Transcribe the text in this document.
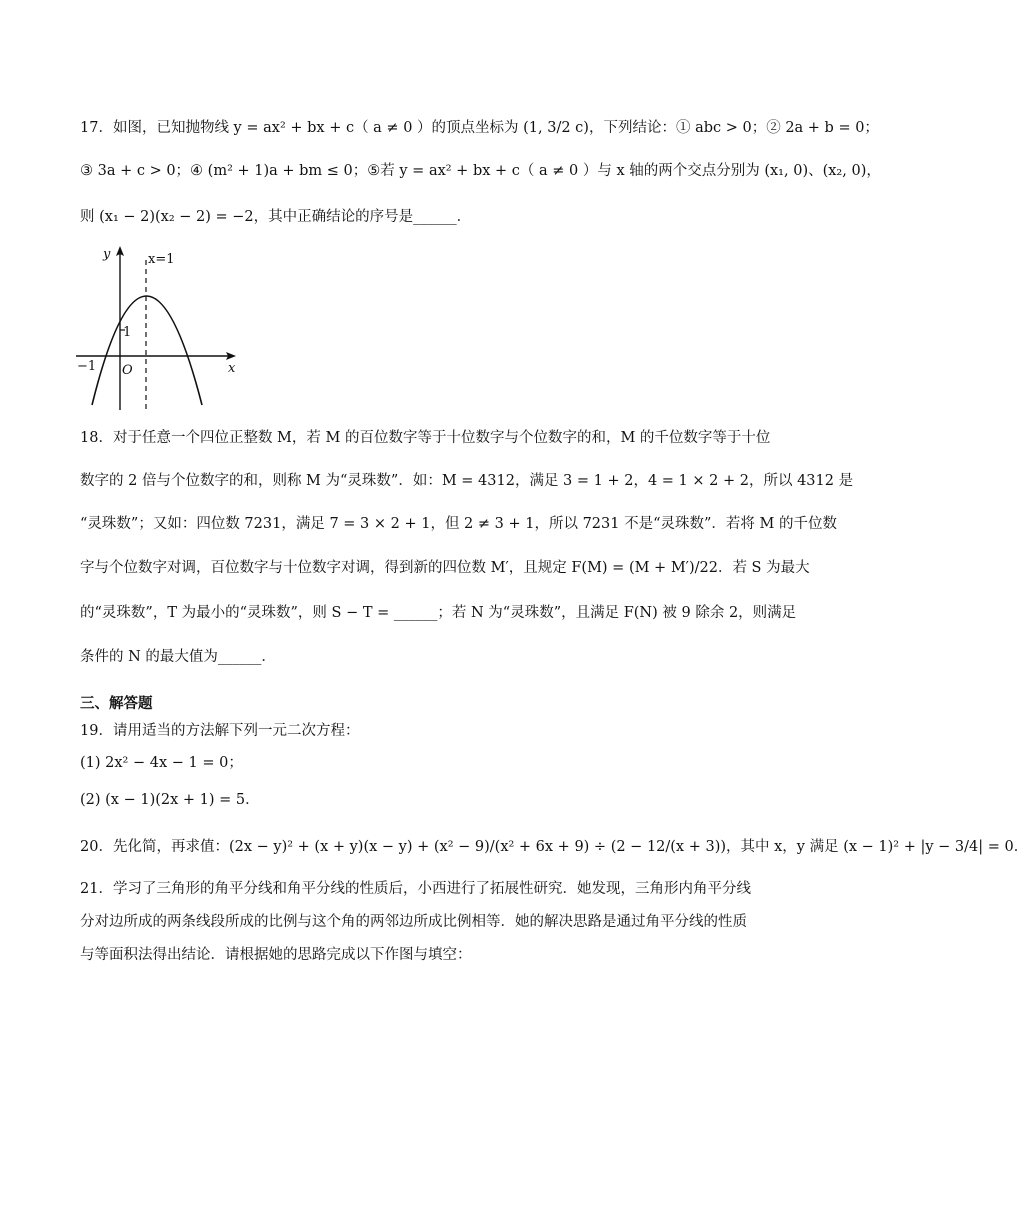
17．如图，已知抛物线 y = ax² + bx + c（ a ≠ 0 ）的顶点坐标为 (1, 3/2 c)，下列结论：① abc > 0；② 2a + b = 0；
③ 3a + c > 0；④ (m² + 1)a + bm ≤ 0；⑤若 y = ax² + bx + c（ a ≠ 0 ）与 x 轴的两个交点分别为 (x₁, 0)、(x₂, 0)，
则 (x₁ − 2)(x₂ − 2) = −2，其中正确结论的序号是______．
y
x
x=1
1
−1 O
18．对于任意一个四位正整数 M，若 M 的百位数字等于十位数字与个位数字的和，M 的千位数字等于十位
数字的 2 倍与个位数字的和，则称 M 为“灵珠数”．如：M = 4312，满足 3 = 1 + 2，4 = 1 × 2 + 2，所以 4312 是
“灵珠数”；又如：四位数 7231，满足 7 = 3 × 2 + 1，但 2 ≠ 3 + 1，所以 7231 不是“灵珠数”．若将 M 的千位数
字与个位数字对调，百位数字与十位数字对调，得到新的四位数 M′，且规定 F(M) = (M + M′)/22．若 S 为最大
的“灵珠数”，T 为最小的“灵珠数”，则 S − T = ______；若 N 为“灵珠数”，且满足 F(N) 被 9 除余 2，则满足
条件的 N 的最大值为______．
三、解答题
19．请用适当的方法解下列一元二次方程：
(1) 2x² − 4x − 1 = 0；
(2) (x − 1)(2x + 1) = 5．
20．先化简，再求值：(2x − y)² + (x + y)(x − y) + (x² − 9)/(x² + 6x + 9) ÷ (2 − 12/(x + 3))，其中 x，y 满足 (x − 1)² + |y − 3/4| = 0．
21．学习了三角形的角平分线和角平分线的性质后，小西进行了拓展性研究．她发现，三角形内角平分线
分对边所成的两条线段所成的比例与这个角的两邻边所成比例相等．她的解决思路是通过角平分线的性质
与等面积法得出结论．请根据她的思路完成以下作图与填空：
